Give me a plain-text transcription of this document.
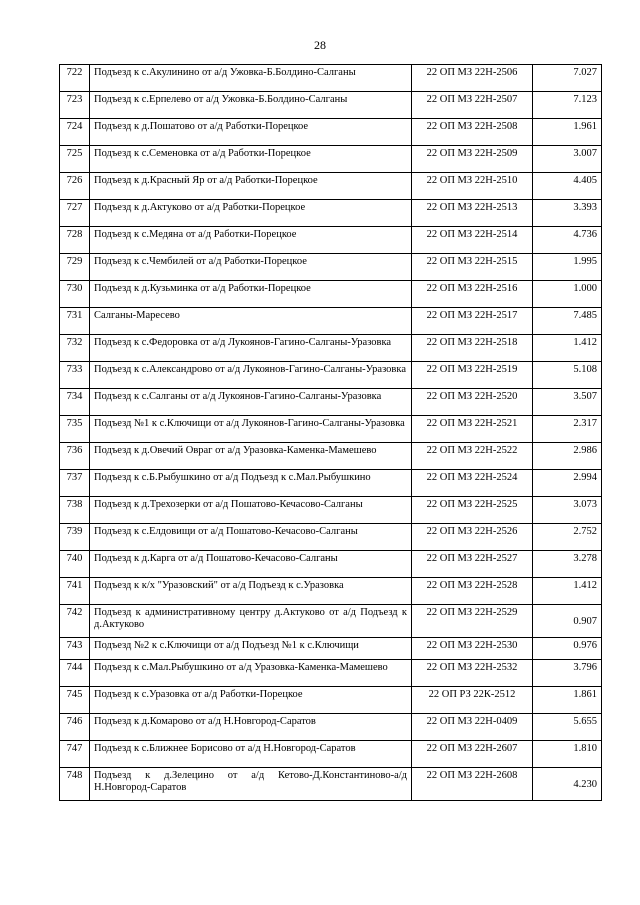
28
722	Подъезд к с.Акулинино от а/д Ужовка-Б.Болдино-Салганы	22 ОП МЗ 22Н-2506	7.027
723	Подъезд к с.Ерпелево от а/д Ужовка-Б.Болдино-Салганы	22 ОП МЗ 22Н-2507	7.123
724	Подъезд к д.Пошатово от а/д Работки-Порецкое	22 ОП МЗ 22Н-2508	1.961
725	Подъезд к с.Семеновка от а/д Работки-Порецкое	22 ОП МЗ 22Н-2509	3.007
726	Подъезд к д.Красный Яр от а/д Работки-Порецкое	22 ОП МЗ 22Н-2510	4.405
727	Подъезд к д.Актуково от а/д Работки-Порецкое	22 ОП МЗ 22Н-2513	3.393
728	Подъезд к с.Медяна от а/д Работки-Порецкое	22 ОП МЗ 22Н-2514	4.736
729	Подъезд к с.Чембилей от а/д Работки-Порецкое	22 ОП МЗ 22Н-2515	1.995
730	Подъезд к д.Кузьминка от а/д Работки-Порецкое	22 ОП МЗ 22Н-2516	1.000
731	Салганы-Маресево	22 ОП МЗ 22Н-2517	7.485
732	Подъезд к с.Федоровка от а/д Лукоянов-Гагино-Салганы-Уразовка	22 ОП МЗ 22Н-2518	1.412
733	Подъезд к с.Александрово от а/д Лукоянов-Гагино-Салганы-Уразовка	22 ОП МЗ 22Н-2519	5.108
734	Подъезд к с.Салганы от а/д Лукоянов-Гагино-Салганы-Уразовка	22 ОП МЗ 22Н-2520	3.507
735	Подъезд №1 к с.Ключищи от а/д Лукоянов-Гагино-Салганы-Уразовка	22 ОП МЗ 22Н-2521	2.317
736	Подъезд к д.Овечий Овраг от а/д Уразовка-Каменка-Мамешево	22 ОП МЗ 22Н-2522	2.986
737	Подъезд к с.Б.Рыбушкино от а/д Подъезд к с.Мал.Рыбушкино	22 ОП МЗ 22Н-2524	2.994
738	Подъезд к д.Трехозерки от а/д Пошатово-Кечасово-Салганы	22 ОП МЗ 22Н-2525	3.073
739	Подъезд к с.Елдовищи от а/д Пошатово-Кечасово-Салганы	22 ОП МЗ 22Н-2526	2.752
740	Подъезд к д.Карга от а/д Пошатово-Кечасово-Салганы	22 ОП МЗ 22Н-2527	3.278
741	Подъезд к к/х "Уразовский" от а/д Подъезд к с.Уразовка	22 ОП МЗ 22Н-2528	1.412
742	Подъезд к административному центру д.Актуково от а/д Подъезд к д.Актуково	22 ОП МЗ 22Н-2529	0.907
743	Подъезд №2 к с.Ключищи от а/д Подъезд №1 к с.Ключищи	22 ОП МЗ 22Н-2530	0.976
744	Подъезд к с.Мал.Рыбушкино от а/д Уразовка-Каменка-Мамешево	22 ОП МЗ 22Н-2532	3.796
745	Подъезд к с.Уразовка от а/д Работки-Порецкое	22 ОП РЗ 22К-2512	1.861
746	Подъезд к д.Комарово от а/д Н.Новгород-Саратов	22 ОП МЗ 22Н-0409	5.655
747	Подъезд к с.Ближнее Борисово от а/д Н.Новгород-Саратов	22 ОП МЗ 22Н-2607	1.810
748	Подъезд к д.Зелецино от а/д Кетово-Д.Константиново-а/д Н.Новгород-Саратов	22 ОП МЗ 22Н-2608	4.230
